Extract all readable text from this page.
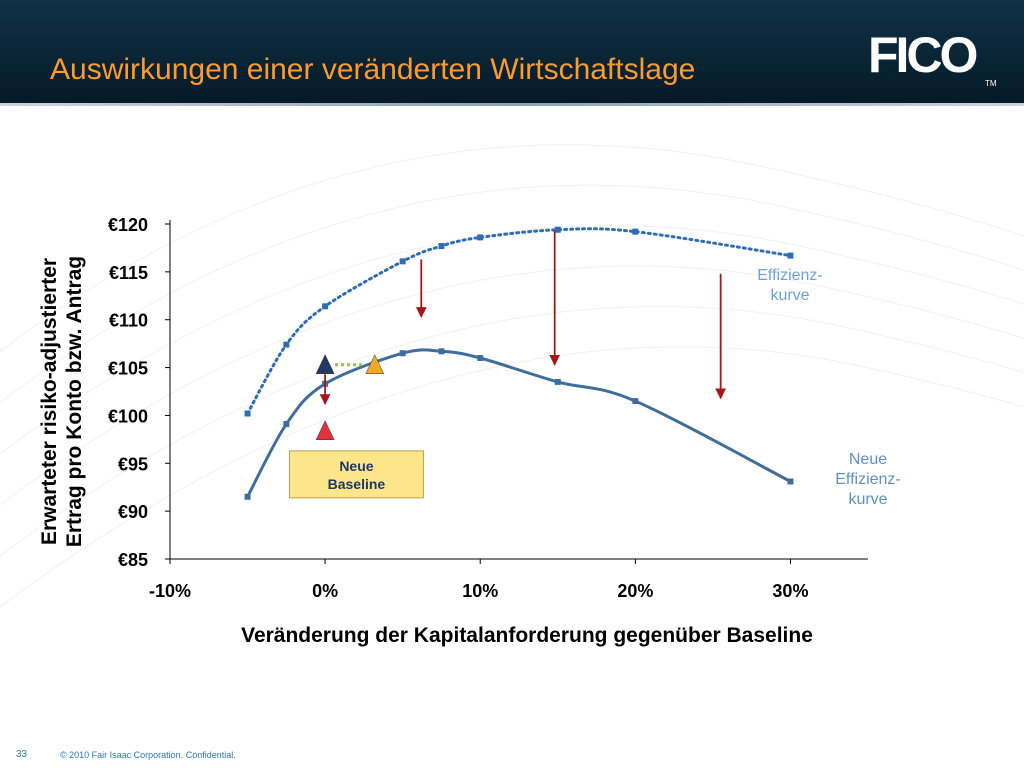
Auswirkungen einer veränderten Wirtschaftslage	FICO
TM
€85
€90
€95
€100
€105
€110
€115
€120
-10%	0%	10%	20%	30%
Veränderung der Kapitalanforderung gegenüber Baseline
Erwarteter risiko-adjustierterErtrag pro Konto bzw. Antrag	Effizienz-kurve
Neue Effizienz-kurve
Neue Baseline
33	© 2010 Fair Isaac Corporation. Confidential.
